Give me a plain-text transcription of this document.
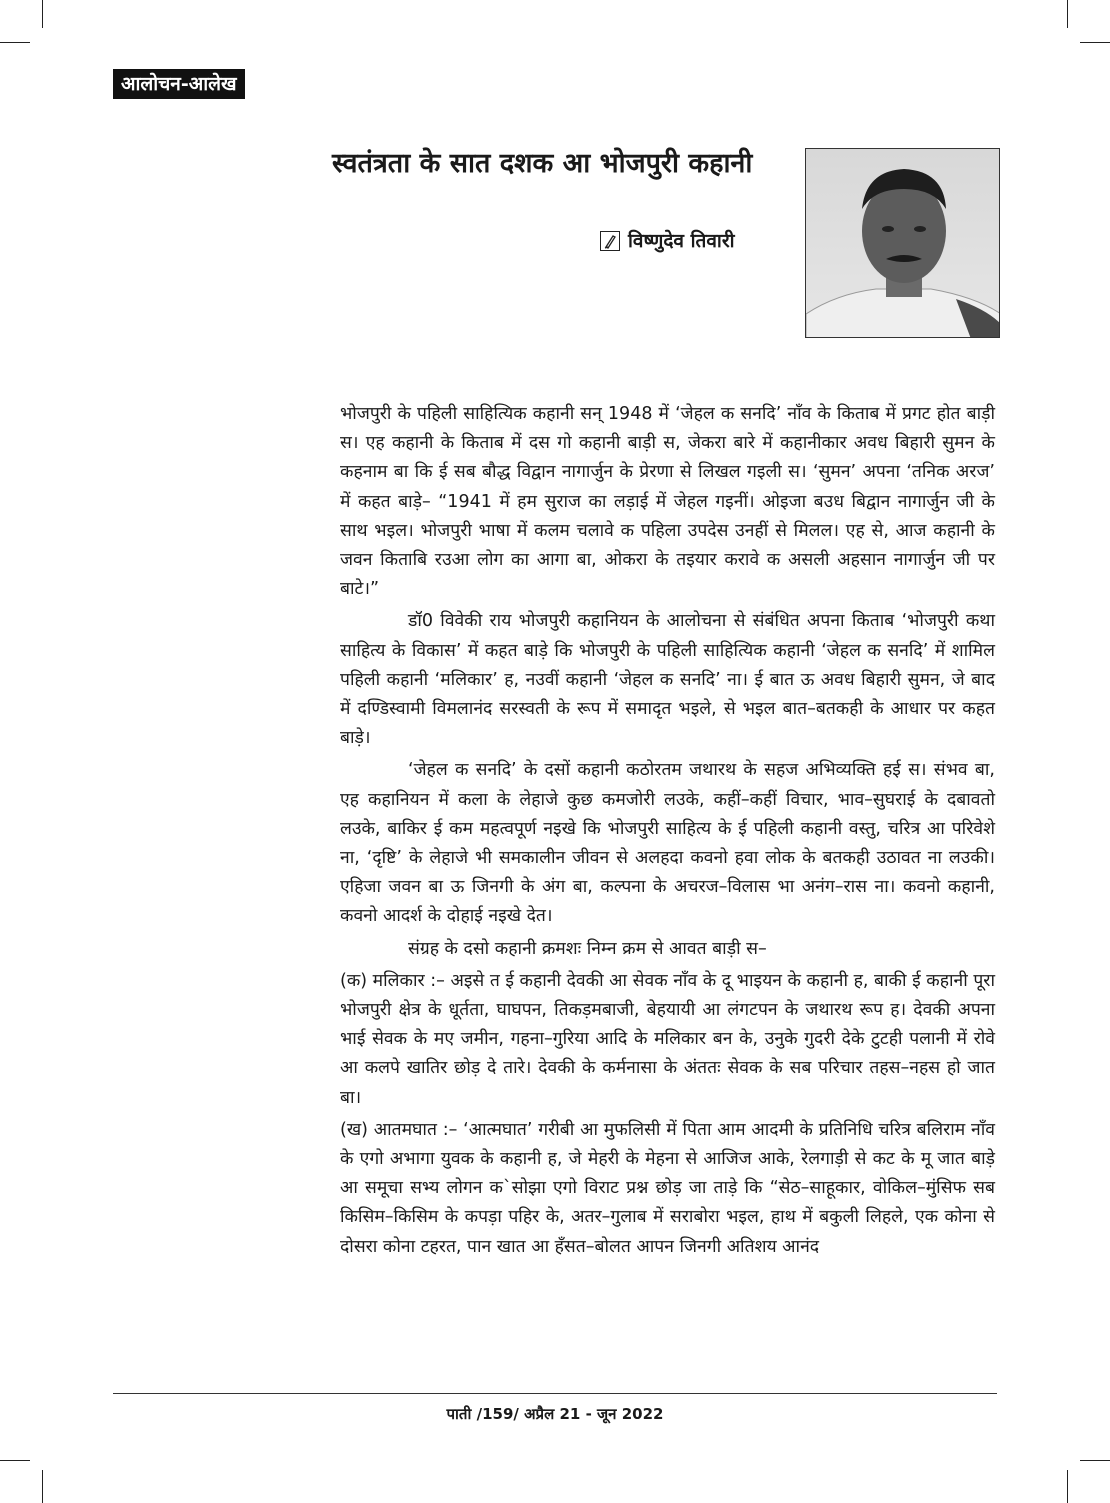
आलोचन-आलेख
स्वतंत्रता के सात दशक आ भोजपुरी कहानी
विष्णुदेव तिवारी

भोजपुरी के पहिली साहित्यिक कहानी सन् 1948 में ‘जेहल क सनदि’ नाँव के किताब में प्रगट होत बाड़ी स। एह कहानी के किताब में दस गो कहानी बाड़ी स, जेकरा बारे में कहानीकार अवध बिहारी सुमन के कहनाम बा कि ई सब बौद्ध विद्वान नागार्जुन के प्रेरणा से लिखल गइली स। ‘सुमन’ अपना ‘तनिक अरज’ में कहत बाड़े– “1941 में हम सुराज का लड़ाई में जेहल गइनीं। ओइजा बउध बिद्वान नागार्जुन जी के साथ भइल। भोजपुरी भाषा में कलम चलावे क पहिला उपदेस उनहीं से मिलल। एह से, आज कहानी के जवन किताबि रउआ लोग का आगा बा, ओकरा के तइयार करावे क असली अहसान नागार्जुन जी पर बाटे।”

डॉ0 विवेकी राय भोजपुरी कहानियन के आलोचना से संबंधित अपना किताब ‘भोजपुरी कथा साहित्य के विकास’ में कहत बाड़े कि भोजपुरी के पहिली साहित्यिक कहानी ‘जेहल क सनदि’ में शामिल पहिली कहानी ‘मलिकार’ ह, नउवीं कहानी ‘जेहल क सनदि’ ना। ई बात ऊ अवध बिहारी सुमन, जे बाद में दण्डिस्वामी विमलानंद सरस्वती के रूप में समादृत भइले, से भइल बात–बतकही के आधार पर कहत बाड़े।

‘जेहल क सनदि’ के दसों कहानी कठोरतम जथारथ के सहज अभिव्यक्ति हई स। संभव बा, एह कहानियन में कला के लेहाजे कुछ कमजोरी लउके, कहीं–कहीं विचार, भाव–सुघराई के दबावतो लउके, बाकिर ई कम महत्वपूर्ण नइखे कि भोजपुरी साहित्य के ई पहिली कहानी वस्तु, चरित्र आ परिवेशे ना, ‘दृष्टि’ के लेहाजे भी समकालीन जीवन से अलहदा कवनो हवा लोक के बतकही उठावत ना लउकी। एहिजा जवन बा ऊ जिनगी के अंग बा, कल्पना के अचरज–विलास भा अनंग–रास ना। कवनो कहानी, कवनो आदर्श के दोहाई नइखे देत।

संग्रह के दसो कहानी क्रमशः निम्न क्रम से आवत बाड़ी स–

(क) मलिकार :– अइसे त ई कहानी देवकी आ सेवक नाँव के दू भाइयन के कहानी ह, बाकी ई कहानी पूरा भोजपुरी क्षेत्र के धूर्तता, घाघपन, तिकड़मबाजी, बेहयायी आ लंगटपन के जथारथ रूप ह। देवकी अपना भाई सेवक के मए जमीन, गहना–गुरिया आदि के मलिकार बन के, उनुके गुदरी देके टुटही पलानी में रोवे आ कलपे खातिर छोड़ दे तारे। देवकी के कर्मनासा के अंततः सेवक के सब परिचार तहस–नहस हो जात बा।

(ख) आतमघात :– ‘आत्मघात’ गरीबी आ मुफलिसी में पिता आम आदमी के प्रतिनिधि चरित्र बलिराम नाँव के एगो अभागा युवक के कहानी ह, जे मेहरी के मेहना से आजिज आके, रेलगाड़ी से कट के मू जात बाड़े आ समूचा सभ्य लोगन क`सोझा एगो विराट प्रश्न छोड़ जा ताड़े कि “सेठ–साहूकार, वोकिल–मुंसिफ सब किसिम–किसिम के कपड़ा पहिर के, अतर–गुलाब में सराबोरा भइल, हाथ में बकुली लिहले, एक कोना से दोसरा कोना टहरत, पान खात आ हँसत–बोलत आपन जिनगी अतिशय आनंद

पाती /159/ अप्रैल 21 - जून 2022
